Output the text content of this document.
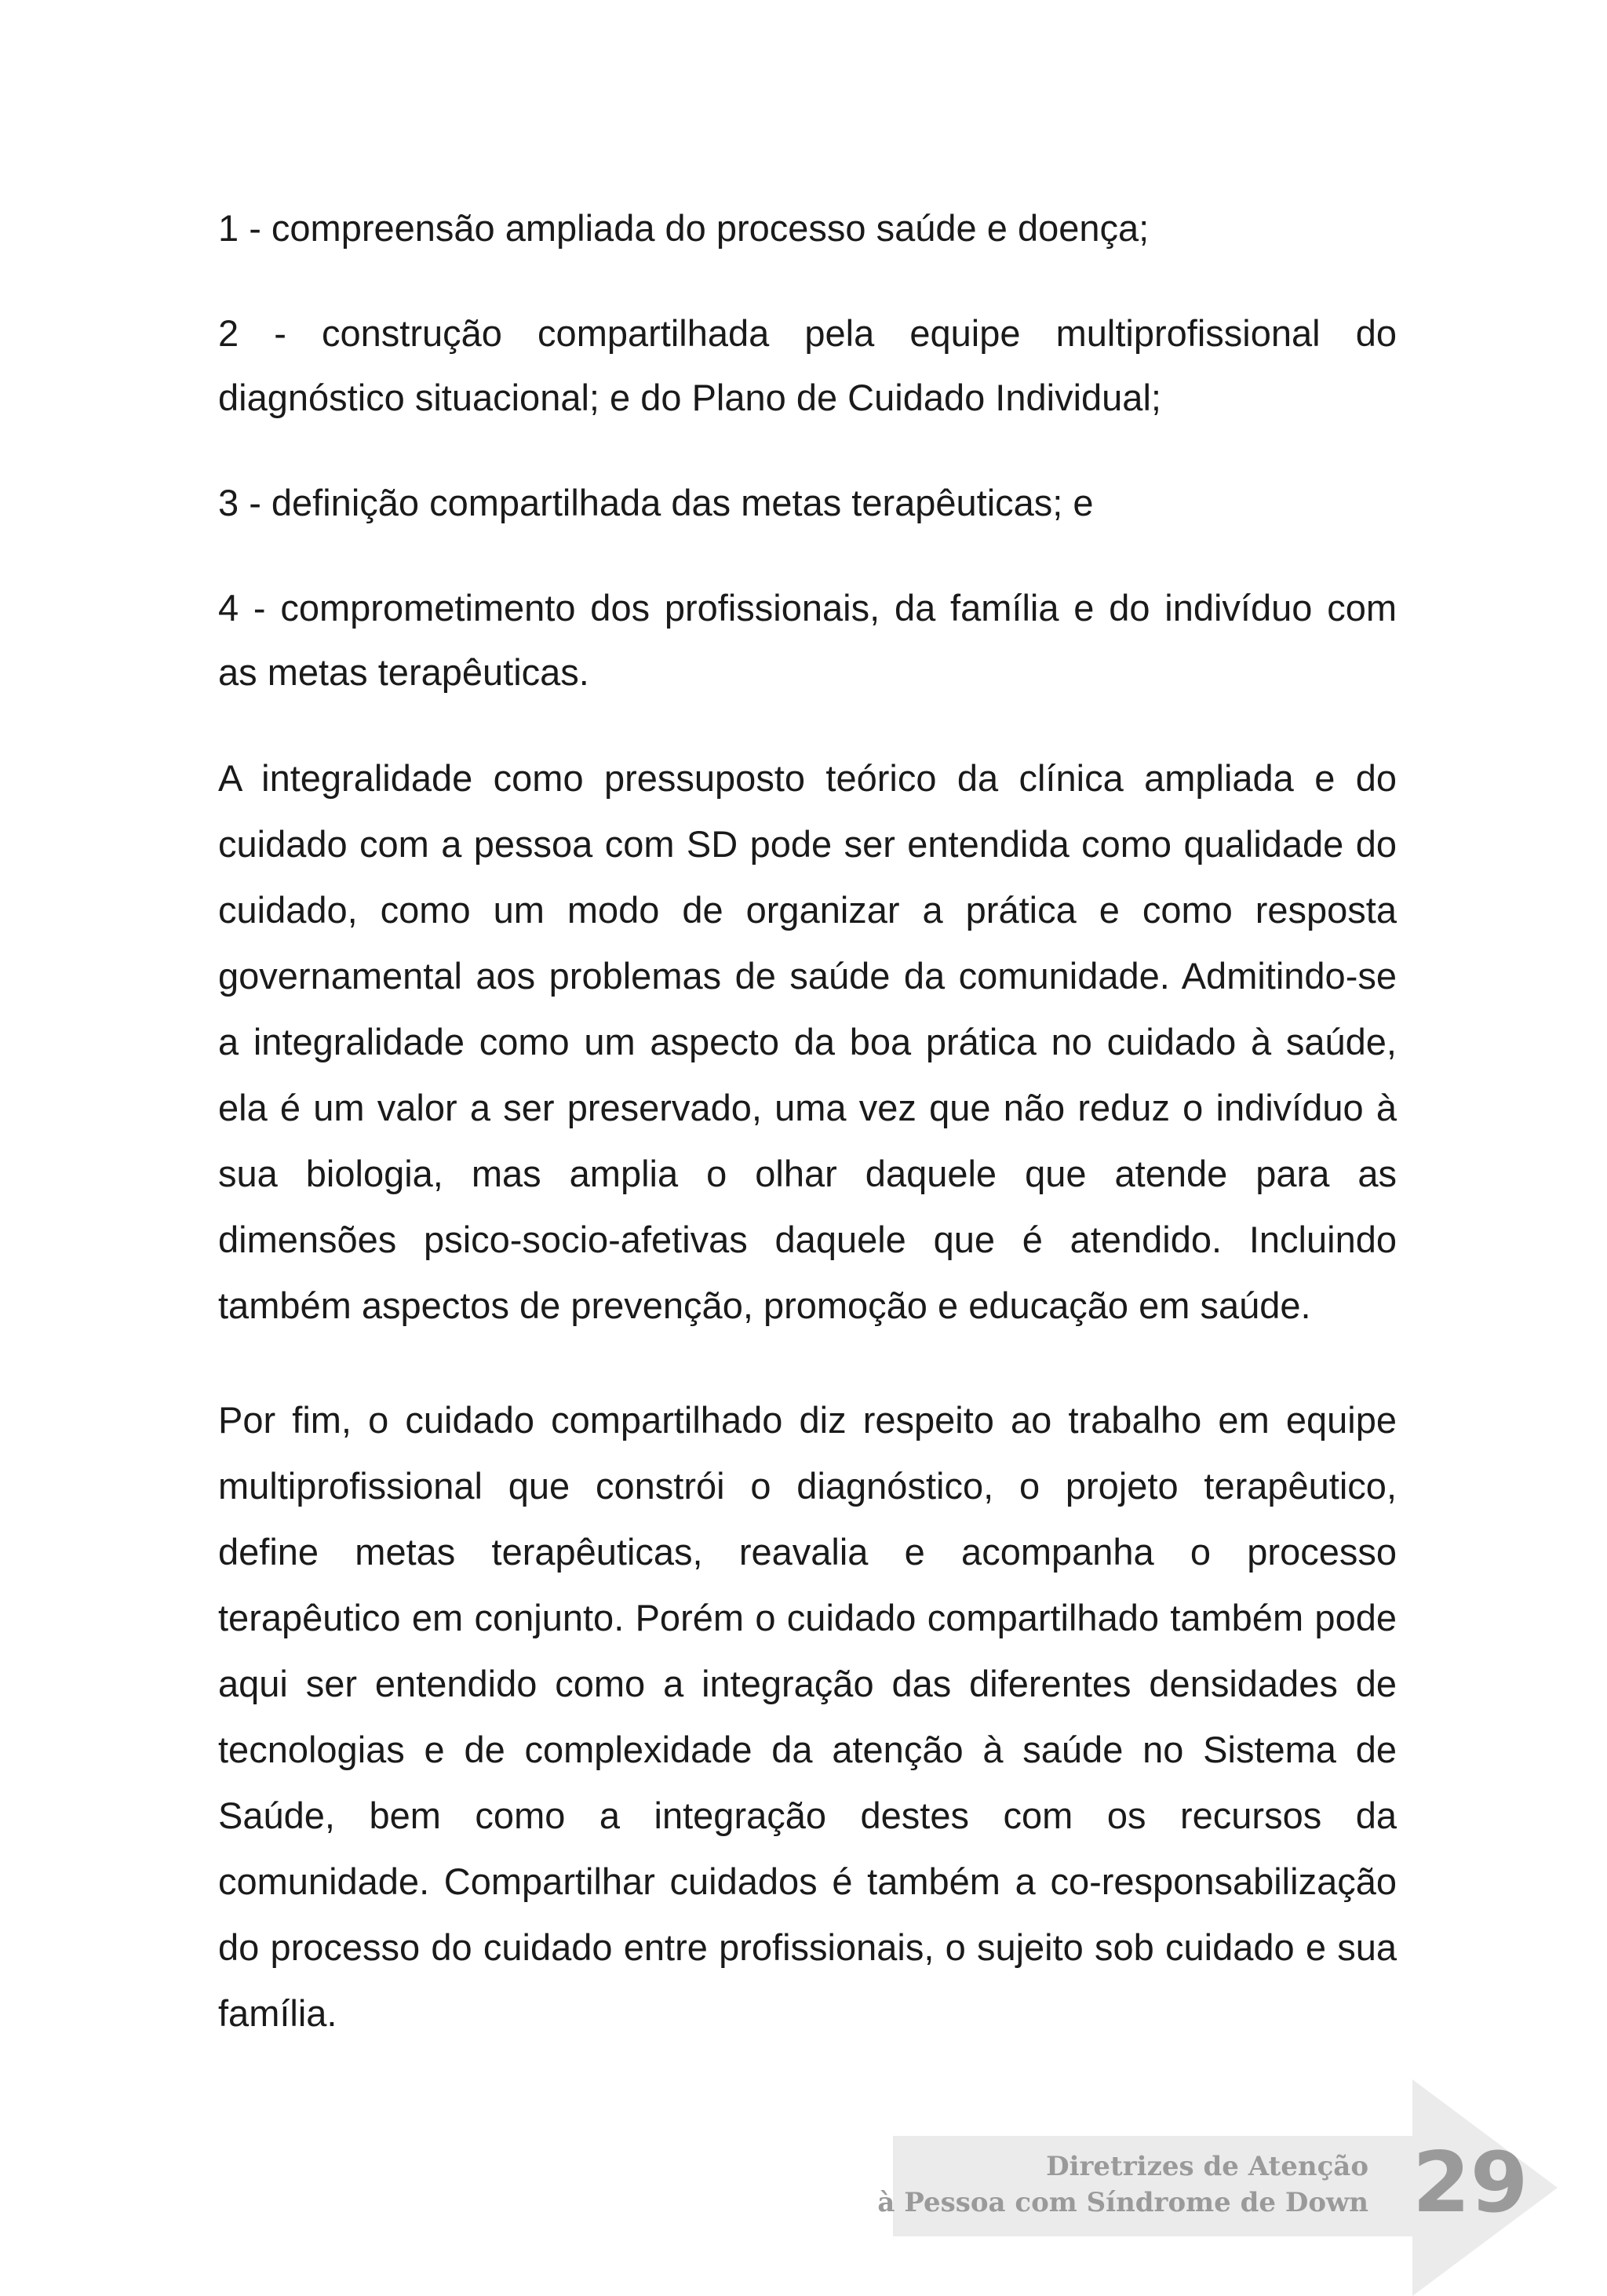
1 - compreensão ampliada do processo saúde e doença;

2 - construção compartilhada pela equipe multiprofissional do diagnóstico situacional; e do Plano de Cuidado Individual;

3 - definição compartilhada das metas terapêuticas; e

4 - comprometimento dos profissionais, da família e do indivíduo com as metas terapêuticas.

A integralidade como pressuposto teórico da clínica ampliada e do cuidado com a pessoa com SD pode ser entendida como qualidade do cuidado, como um modo de organizar a prática e como resposta governamental aos problemas de saúde da comunidade. Admitindo-se a integralidade como um aspecto da boa prática no cuidado à saúde, ela é um valor a ser preservado, uma vez que não reduz o indivíduo à sua biologia, mas amplia o olhar daquele que atende para as dimensões psico-socio-afetivas daquele que é atendido. Incluindo também aspectos de prevenção, promoção e educação em saúde.

Por fim, o cuidado compartilhado diz respeito ao trabalho em equipe multiprofissional que constrói o diagnóstico, o projeto terapêutico, define metas terapêuticas, reavalia e acompanha o processo terapêutico em conjunto. Porém o cuidado compartilhado também pode aqui ser entendido como a integração das diferentes densidades de tecnologias e de complexidade da atenção à saúde no Sistema de Saúde, bem como a integração destes com os recursos da comunidade. Compartilhar cuidados é também a co-responsabilização do processo do cuidado entre profissionais, o sujeito sob cuidado e sua família.

Diretrizes de Atenção
à Pessoa com Síndrome de Down 29
